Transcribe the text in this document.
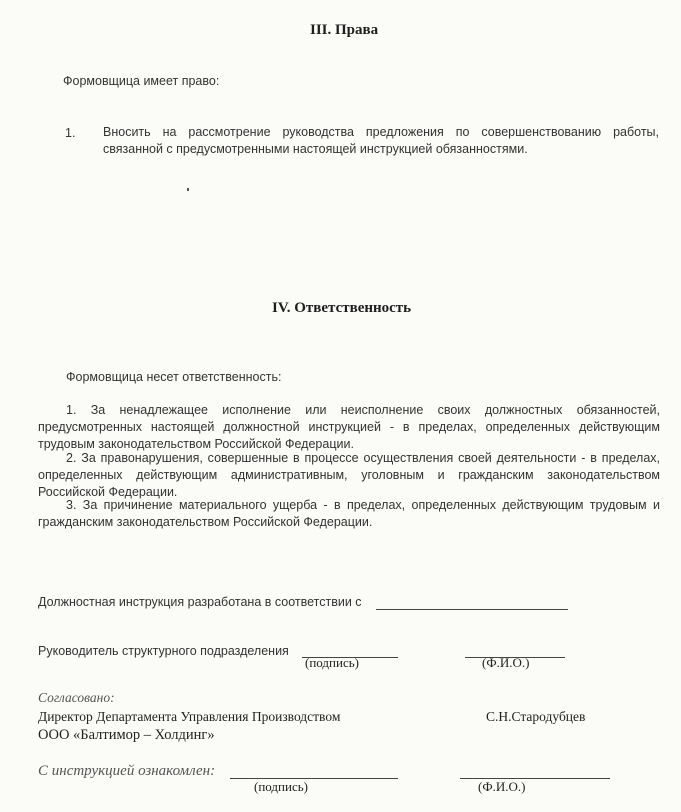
III. Права
Формовщица имеет право:
1. Вносить на рассмотрение руководства предложения по совершенствованию работы, связанной с предусмотренными настоящей инструкцией обязанностями.
IV. Ответственность
Формовщица несет ответственность:
1. За ненадлежащее исполнение или неисполнение своих должностных обязанностей, предусмотренных настоящей должностной инструкцией - в пределах, определенных действующим трудовым законодательством Российской Федерации.
2. За правонарушения, совершенные в процессе осуществления своей деятельности - в пределах, определенных действующим административным, уголовным и гражданским законодательством Российской Федерации.
3. За причинение материального ущерба - в пределах, определенных действующим трудовым и гражданским законодательством Российской Федерации.
Должностная инструкция разработана в соответствии с
Руководитель структурного подразделения
(подпись)	(Ф.И.О.)
Согласовано:
Директор Департамента Управления Производством	С.Н.Стародубцев
ООО «Балтимор – Холдинг»
С инструкцией ознакомлен:
(подпись)	(Ф.И.О.)
